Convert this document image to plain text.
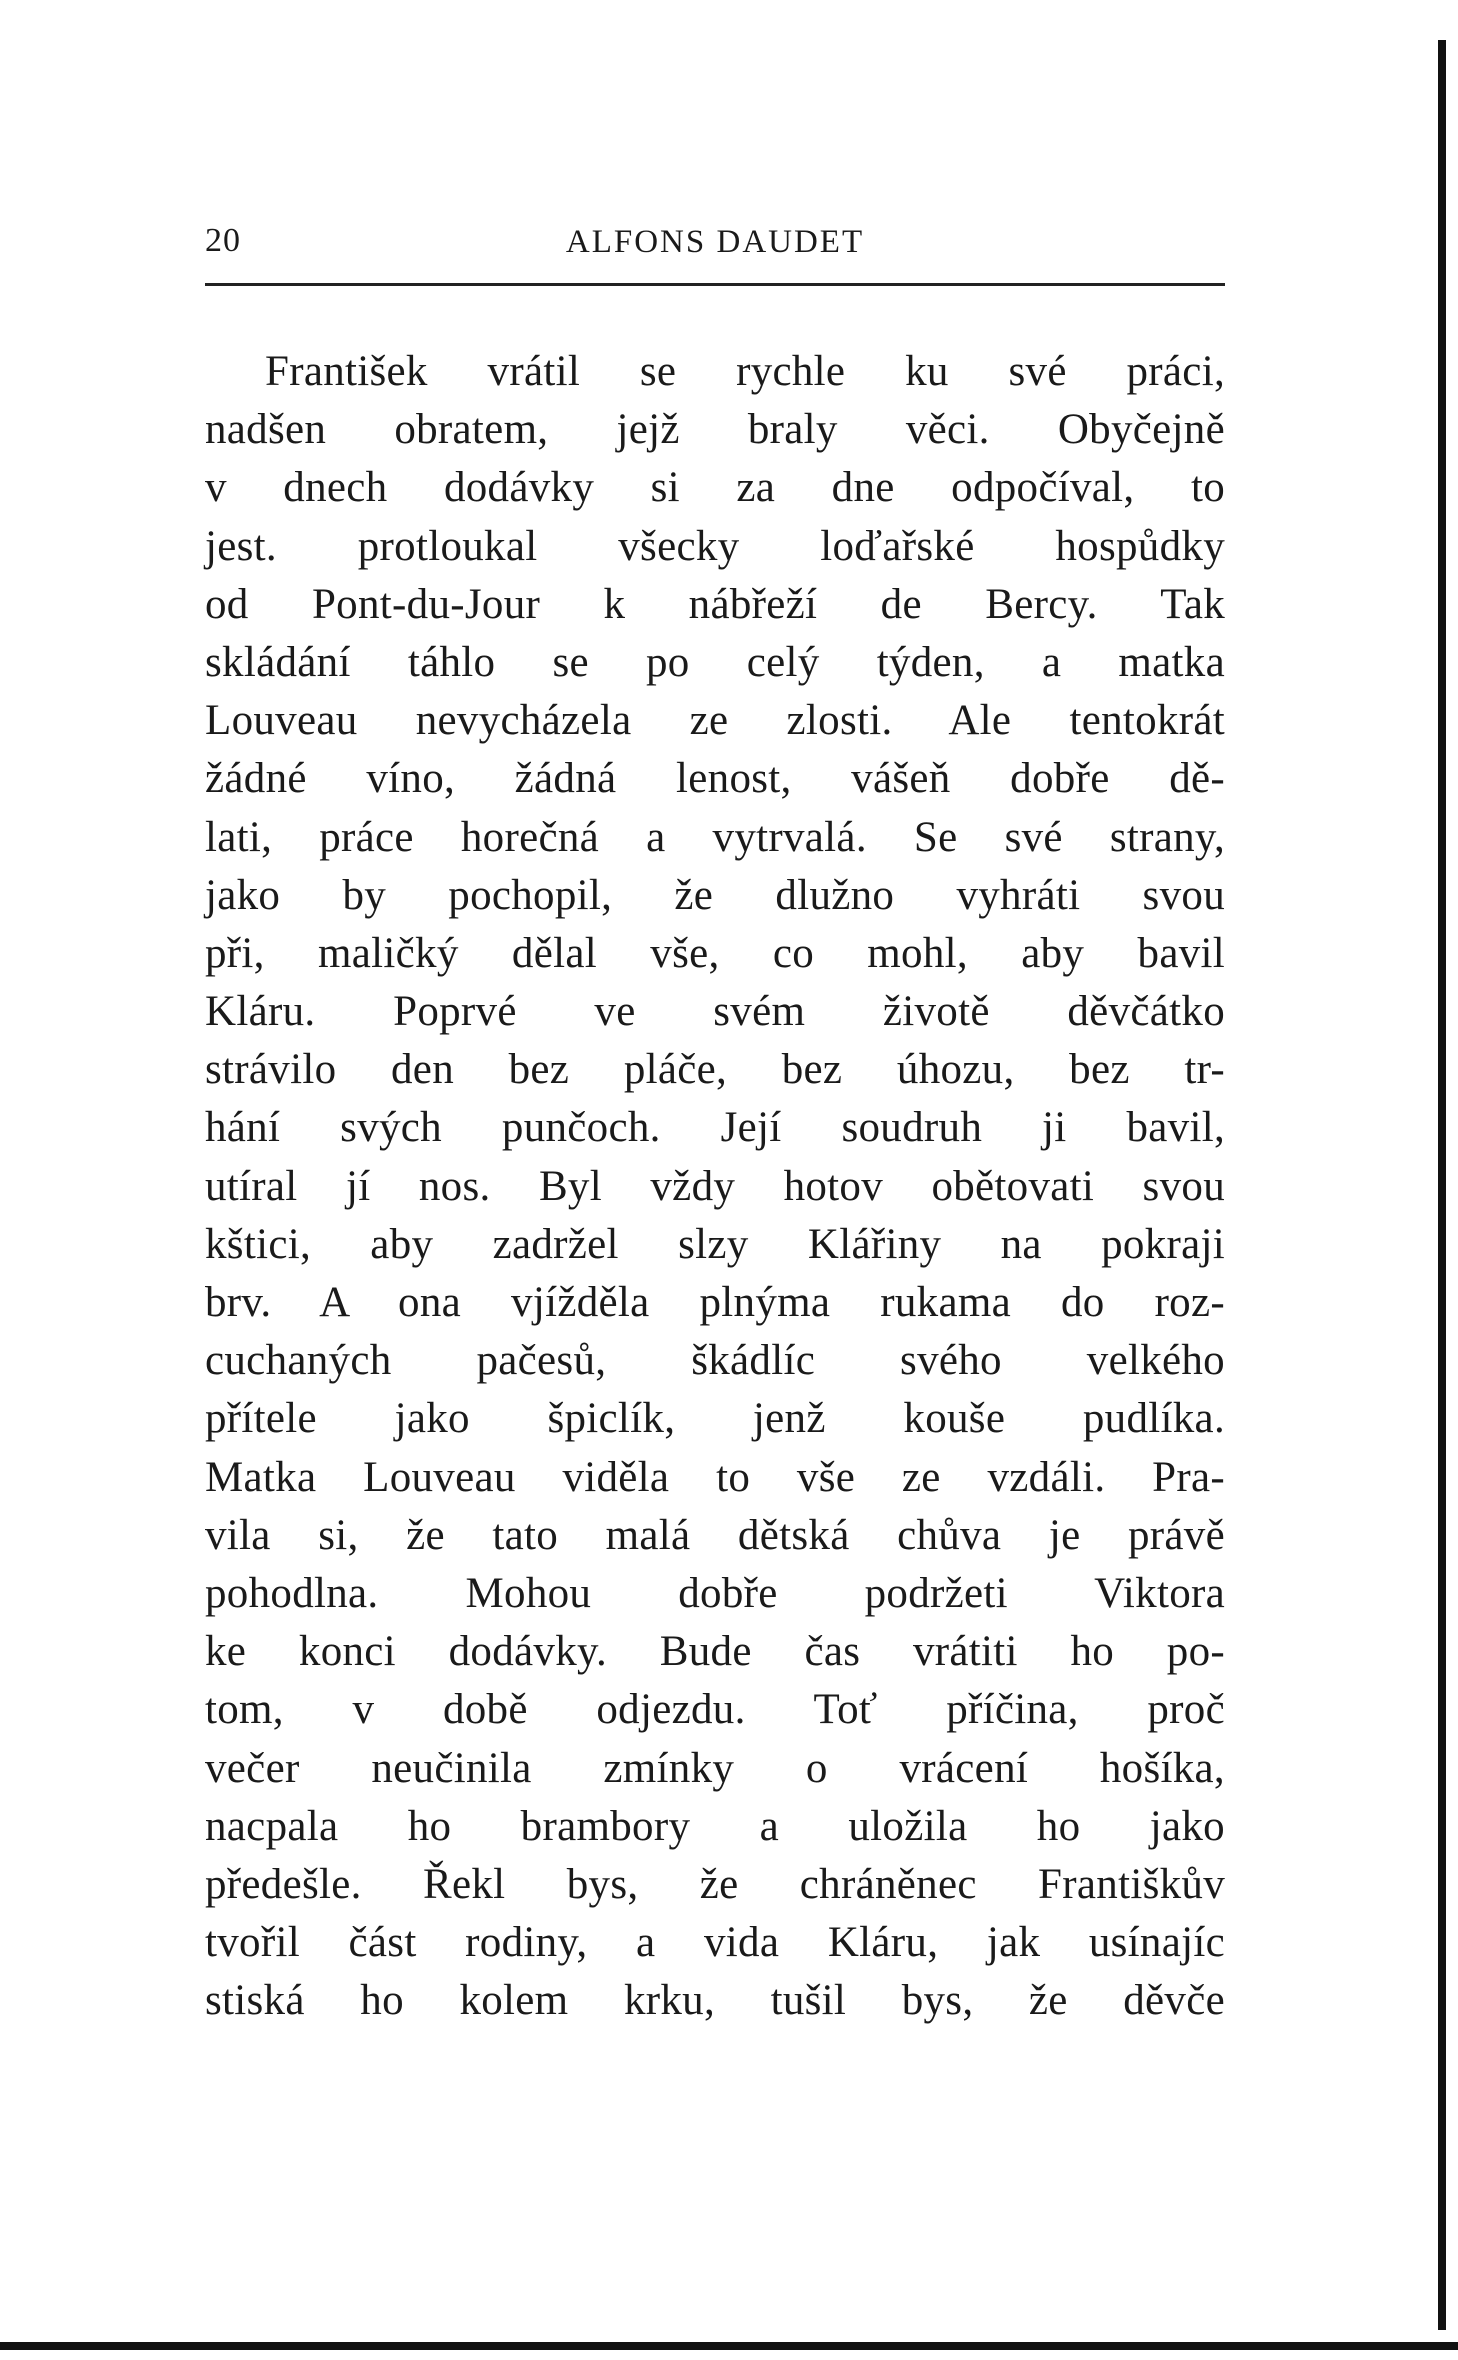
20	ALFONS DAUDET
František vrátil se rychle ku své práci,
nadšen obratem, jejž braly věci. Obyčejně
v dnech dodávky si za dne odpočíval, to
jest. protloukal všecky loďařské hospůdky
od Pont-du-Jour k nábřeží de Bercy. Tak
skládání táhlo se po celý týden, a matka
Louveau nevycházela ze zlosti. Ale tentokrát
žádné víno, žádná lenost, vášeň dobře dě-
lati, práce horečná a vytrvalá. Se své strany,
jako by pochopil, že dlužno vyhráti svou
při, maličký dělal vše, co mohl, aby bavil
Kláru. Poprvé ve svém životě děvčátko
strávilo den bez pláče, bez úhozu, bez tr-
hání svých punčoch. Její soudruh ji bavil,
utíral jí nos. Byl vždy hotov obětovati svou
kštici, aby zadržel slzy Klářiny na pokraji
brv. A ona vjížděla plnýma rukama do roz-
cuchaných pačesů, škádlíc svého velkého
přítele jako špiclík, jenž kouše pudlíka.
Matka Louveau viděla to vše ze vzdáli. Pra-
vila si, že tato malá dětská chůva je právě
pohodlna. Mohou dobře podržeti Viktora
ke konci dodávky. Bude čas vrátiti ho po-
tom, v době odjezdu. Toť příčina, proč
večer neučinila zmínky o vrácení hošíka,
nacpala ho brambory a uložila ho jako
předešle. Řekl bys, že chráněnec Františkův
tvořil část rodiny, a vida Kláru, jak usínajíc
stiská ho kolem krku, tušil bys, že děvče
